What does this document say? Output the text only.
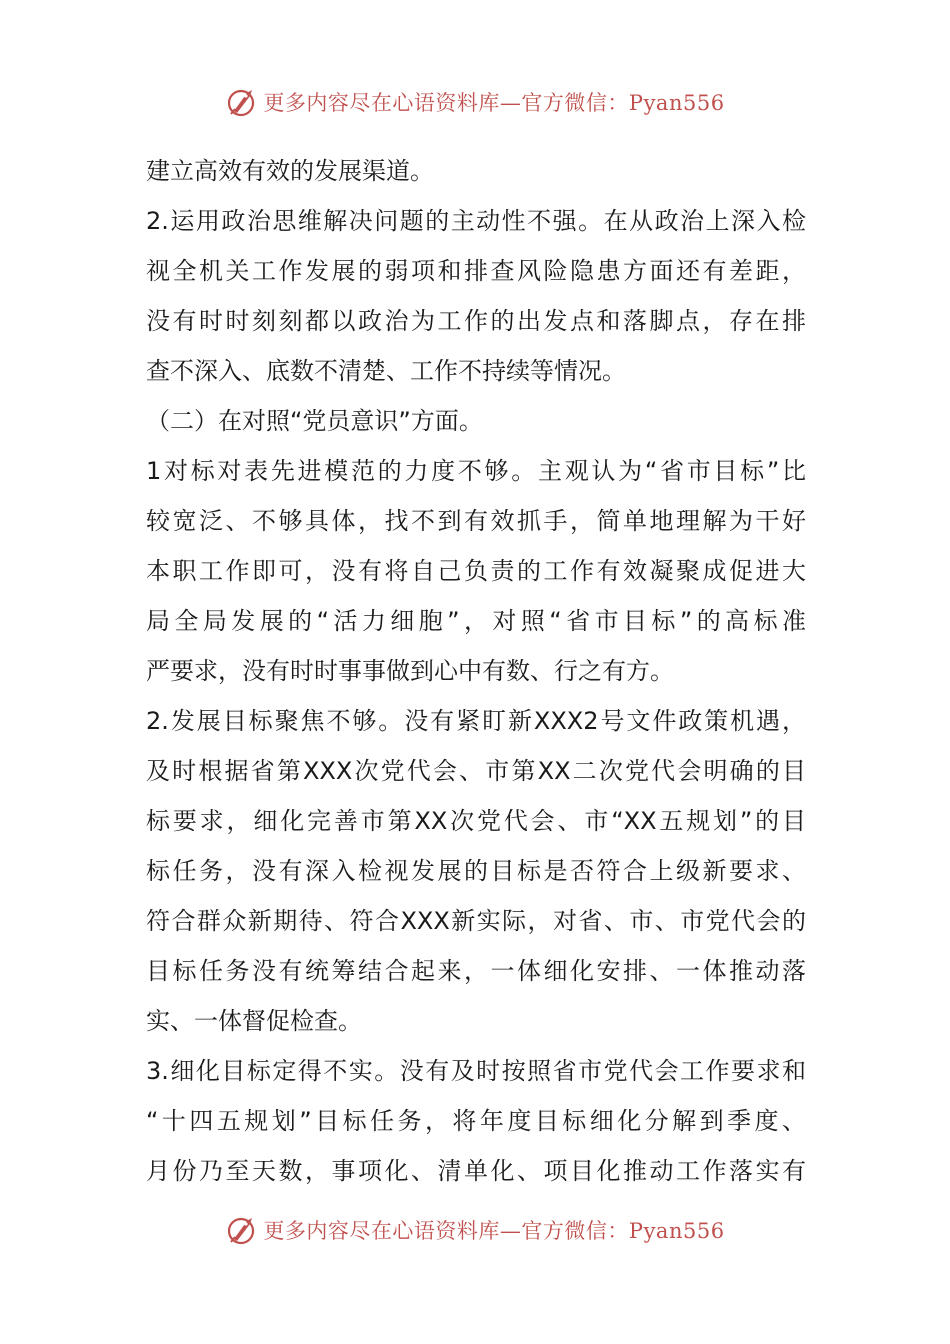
更多内容尽在心语资料库—官方微信：Pyan556
建立高效有效的发展渠道。
2.运用政治思维解决问题的主动性不强。在从政治上深入检
视全机关工作发展的弱项和排查风险隐患方面还有差距，
没有时时刻刻都以政治为工作的出发点和落脚点，存在排
查不深入、底数不清楚、工作不持续等情况。
（二）在对照“党员意识”方面。
1对标对表先进模范的力度不够。主观认为“省市目标”比
较宽泛、不够具体，找不到有效抓手，简单地理解为干好
本职工作即可，没有将自己负责的工作有效凝聚成促进大
局全局发展的“活力细胞”，对照“省市目标”的高标准
严要求，没有时时事事做到心中有数、行之有方。
2.发展目标聚焦不够。没有紧盯新XXX2号文件政策机遇，
及时根据省第XXX次党代会、市第XX二次党代会明确的目
标要求，细化完善市第XX次党代会、市“XX五规划”的目
标任务，没有深入检视发展的目标是否符合上级新要求、
符合群众新期待、符合XXX新实际，对省、市、市党代会的
目标任务没有统筹结合起来，一体细化安排、一体推动落
实、一体督促检查。
3.细化目标定得不实。没有及时按照省市党代会工作要求和
“十四五规划”目标任务，将年度目标细化分解到季度、
月份乃至天数，事项化、清单化、项目化推动工作落实有
更多内容尽在心语资料库—官方微信：Pyan556
